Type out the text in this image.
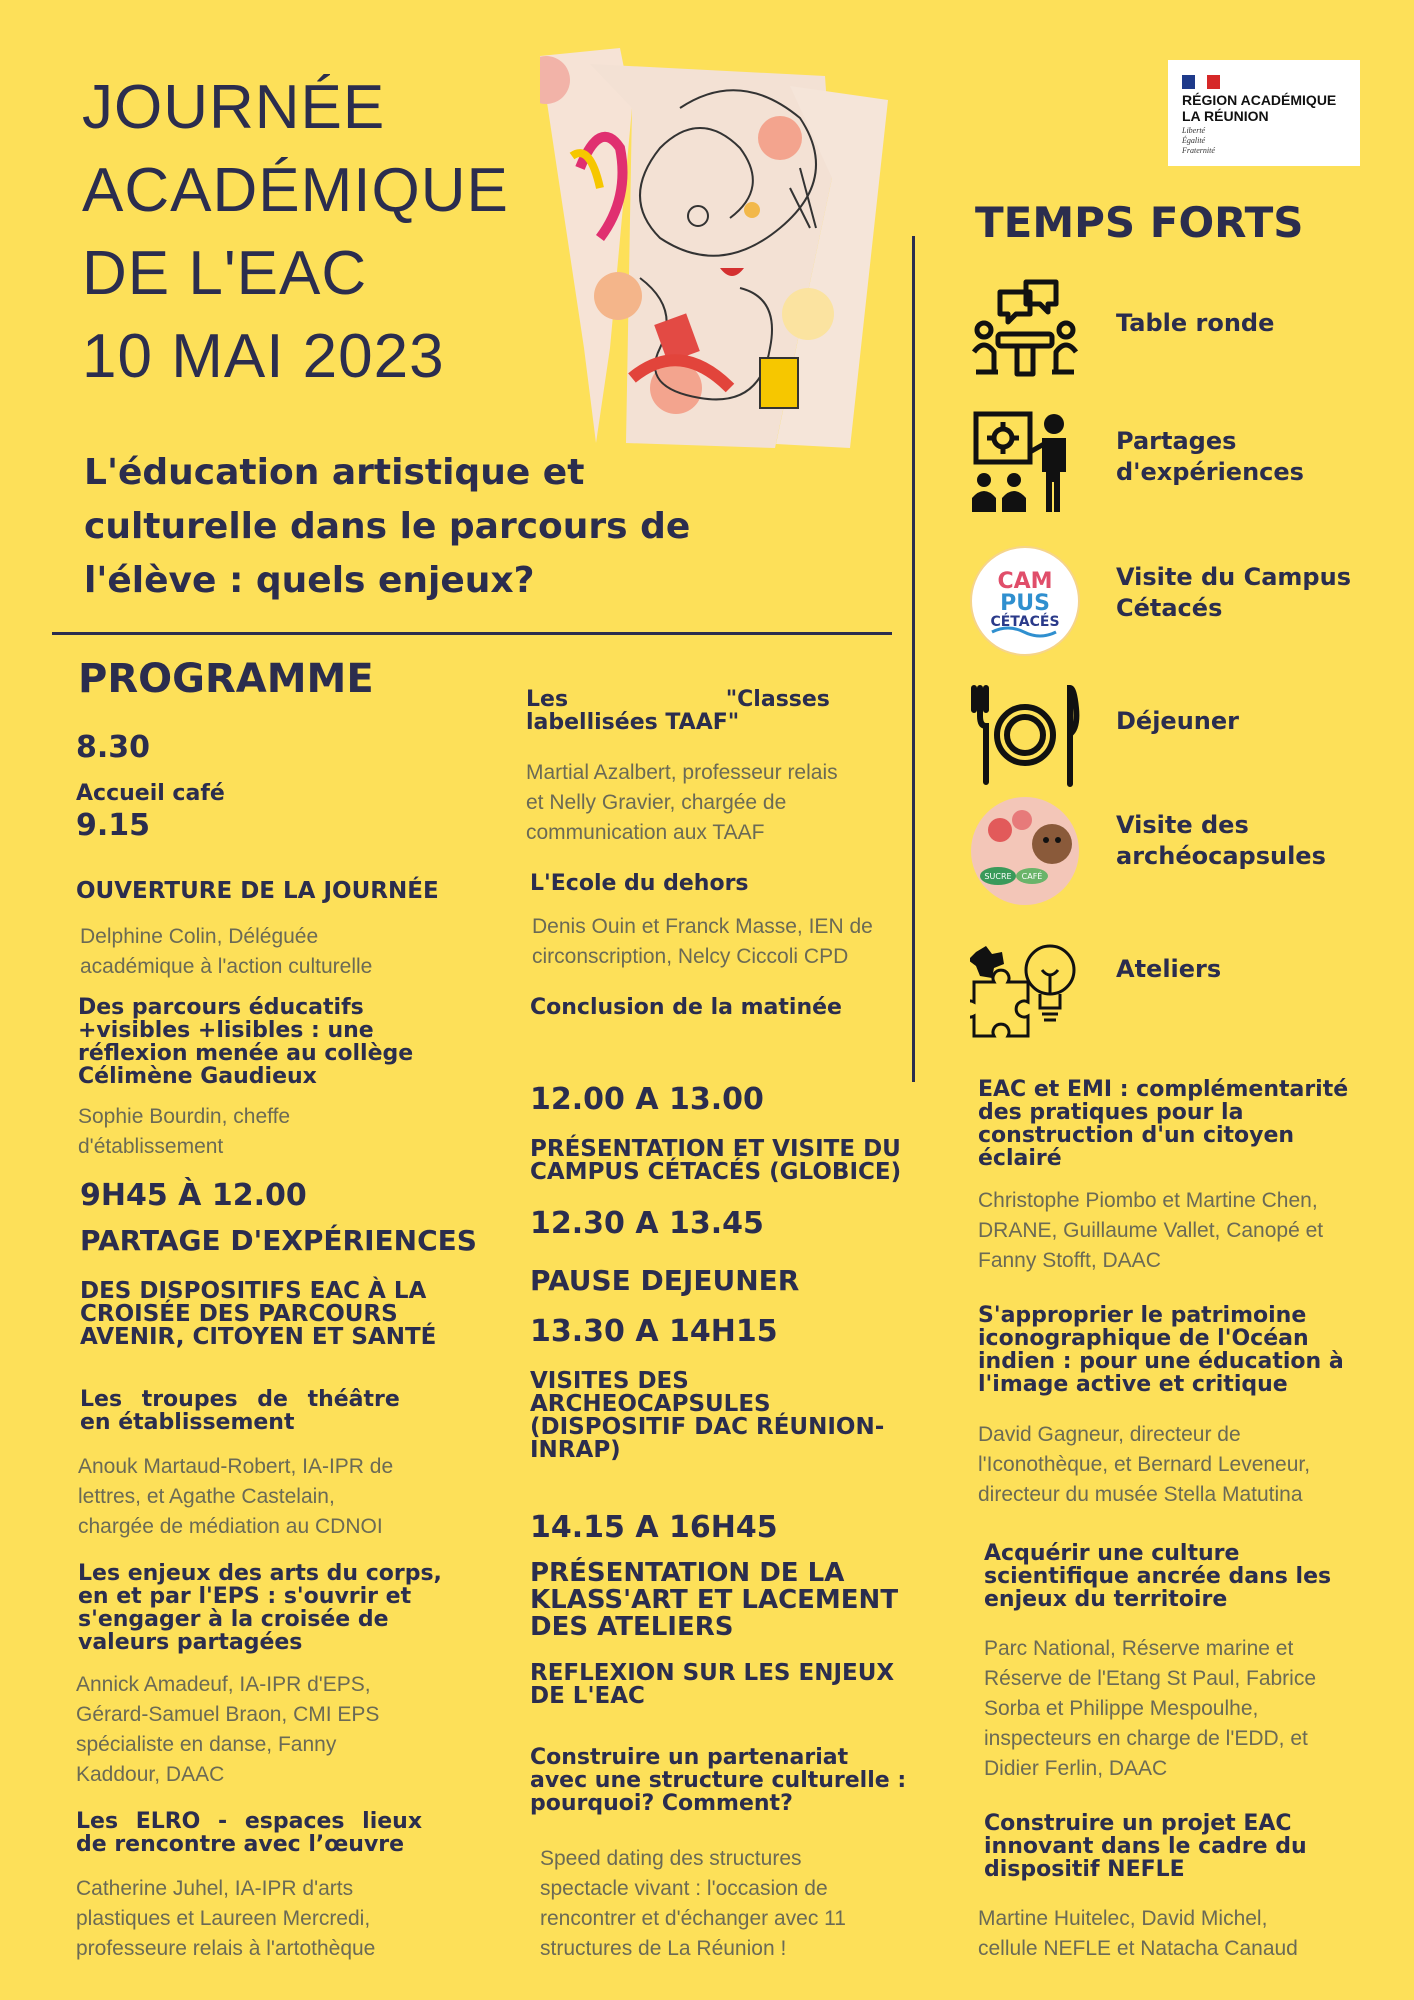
JOURNÉE
ACADÉMIQUE
DE L'EAC
10 MAI 2023
RÉGION ACADÉMIQUE
LA RÉUNION
Liberté
Égalité
Fraternité
L'éducation artistique et
culturelle dans le parcours de
l'élève : quels enjeux?
PROGRAMME
8.30
Accueil café
9.15
OUVERTURE DE LA JOURNÉE
Delphine Colin, Déléguée
académique à l'action culturelle
Des parcours éducatifs
+visibles +lisibles : une
réflexion menée au collège
Célimène Gaudieux
Sophie Bourdin, cheffe
d'établissement
9H45 À 12.00
PARTAGE D'EXPÉRIENCES
DES DISPOSITIFS EAC À LA
CROISÉE DES PARCOURS
AVENIR, CITOYEN ET SANTÉ
Les troupes de théâtre
en établissement
Anouk Martaud-Robert, IA-IPR de
lettres, et Agathe Castelain,
chargée de médiation au CDNOI
Les enjeux des arts du corps,
en et par l'EPS : s'ouvrir et
s'engager à la croisée de
valeurs partagées
Annick Amadeuf, IA-IPR d'EPS,
Gérard-Samuel Braon, CMI EPS
spécialiste en danse, Fanny
Kaddour, DAAC
Les ELRO - espaces lieux
de rencontre avec l’œuvre
Catherine Juhel, IA-IPR d'arts
plastiques et Laureen Mercredi,
professeure relais à l'artothèque
Les "Classes
labellisées TAAF"
Martial Azalbert, professeur relais
et Nelly Gravier, chargée de
communication aux TAAF
L'Ecole du dehors
Denis Ouin et Franck Masse, IEN de
circonscription, Nelcy Ciccoli CPD
Conclusion de la matinée
12.00 A 13.00
PRÉSENTATION ET VISITE DU
CAMPUS CÉTACÉS (GLOBICE)
12.30 A 13.45
PAUSE DEJEUNER
13.30 A 14H15
VISITES DES
ARCHEOCAPSULES
(DISPOSITIF DAC RÉUNION-
INRAP)
14.15 A 16H45
PRÉSENTATION DE LA
KLASS'ART ET LACEMENT
DES ATELIERS
REFLEXION SUR LES ENJEUX
DE L'EAC
Construire un partenariat
avec une structure culturelle :
pourquoi? Comment?
Speed dating des structures
spectacle vivant : l'occasion de
rencontrer et d'échanger avec 11
structures de La Réunion !
TEMPS FORTS
Table ronde
Partages
d'expériences
CAM
PUS
CÉTACÉS
Visite du Campus
Cétacés
Déjeuner
SUCRE CAFÉ
Visite des
archéocapsules
Ateliers
EAC et EMI : complémentarité
des pratiques pour la
construction d'un citoyen
éclairé
Christophe Piombo et Martine Chen,
DRANE, Guillaume Vallet, Canopé et
Fanny Stofft, DAAC
S'approprier le patrimoine
iconographique de l'Océan
indien : pour une éducation à
l'image active et critique
David Gagneur, directeur de
l'Iconothèque, et Bernard Leveneur,
directeur du musée Stella Matutina
Acquérir une culture
scientifique ancrée dans les
enjeux du territoire
Parc National, Réserve marine et
Réserve de l'Etang St Paul, Fabrice
Sorba et Philippe Mespoulhe,
inspecteurs en charge de l'EDD, et
Didier Ferlin, DAAC
Construire un projet EAC
innovant dans le cadre du
dispositif NEFLE
Martine Huitelec, David Michel,
cellule NEFLE et Natacha Canaud
